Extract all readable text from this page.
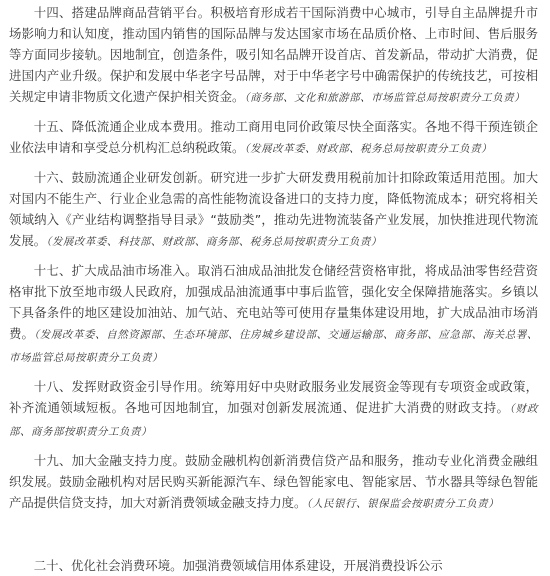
十四、搭建品牌商品营销平台。积极培育形成若干国际消费中心城市，引导自主品牌提升市场影响力和认知度，推动国内销售的国际品牌与发达国家市场在品质价格、上市时间、售后服务等方面同步接轨。因地制宜，创造条件，吸引知名品牌开设首店、首发新品，带动扩大消费，促进国内产业升级。保护和发展中华老字号品牌，对于中华老字号中确需保护的传统技艺，可按相关规定申请非物质文化遗产保护相关资金。（商务部、文化和旅游部、市场监管总局按职责分工负责）

十五、降低流通企业成本费用。推动工商用电同价政策尽快全面落实。各地不得干预连锁企业依法申请和享受总分机构汇总纳税政策。（发展改革委、财政部、税务总局按职责分工负责）

十六、鼓励流通企业研发创新。研究进一步扩大研发费用税前加计扣除政策适用范围。加大对国内不能生产、行业企业急需的高性能物流设备进口的支持力度，降低物流成本；研究将相关领域纳入《产业结构调整指导目录》“鼓励类”，推动先进物流装备产业发展，加快推进现代物流发展。（发展改革委、科技部、财政部、商务部、税务总局按职责分工负责）

十七、扩大成品油市场准入。取消石油成品油批发仓储经营资格审批，将成品油零售经营资格审批下放至地市级人民政府，加强成品油流通事中事后监管，强化安全保障措施落实。乡镇以下具备条件的地区建设加油站、加气站、充电站等可使用存量集体建设用地，扩大成品油市场消费。（发展改革委、自然资源部、生态环境部、住房城乡建设部、交通运输部、商务部、应急部、海关总署、市场监管总局按职责分工负责）

十八、发挥财政资金引导作用。统筹用好中央财政服务业发展资金等现有专项资金或政策，补齐流通领域短板。各地可因地制宜，加强对创新发展流通、促进扩大消费的财政支持。（财政部、商务部按职责分工负责）

十九、加大金融支持力度。鼓励金融机构创新消费信贷产品和服务，推动专业化消费金融组织发展。鼓励金融机构对居民购买新能源汽车、绿色智能家电、智能家居、节水器具等绿色智能产品提供信贷支持，加大对新消费领域金融支持力度。（人民银行、银保监会按职责分工负责）

二十、优化社会消费环境。加强消费领域信用体系建设，开展消费投诉公示
